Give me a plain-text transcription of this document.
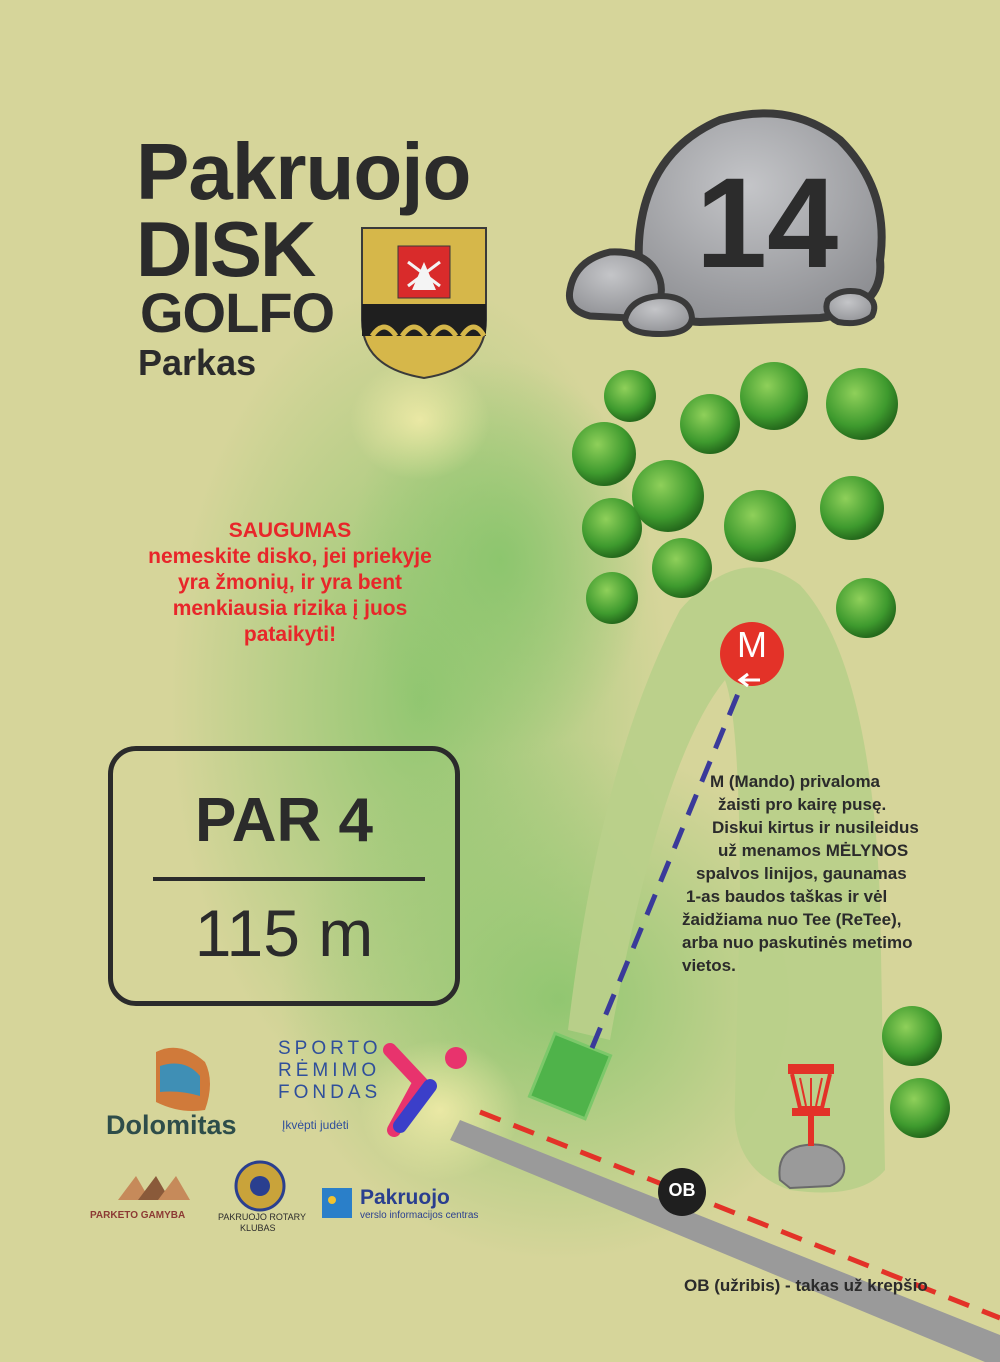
Pakruojo
DISK
GOLFO
Parkas
14
SAUGUMAS
nemeskite disko, jei priekyje
yra žmonių, ir yra bent
menkiausia rizika į juos
pataikyti!
PAR 4
115 m
M (Mando) privaloma
žaisti pro kairę pusę.
Diskui kirtus ir nusileidus
už menamos MĖLYNOS
spalvos linijos, gaunamas
1-as baudos taškas ir vėl
žaidžiama nuo Tee (ReTee),
arba nuo paskutinės metimo
vietos.
M
OB
OB (užribis) - takas už krepšio
Dolomitas
SPORTO
RĖMIMO
FONDAS
Įkvėpti judėti
PARKETO GAMYBA	PAKRUOJO ROTARY
KLUBAS
Pakruojo
verslo informacijos centras
